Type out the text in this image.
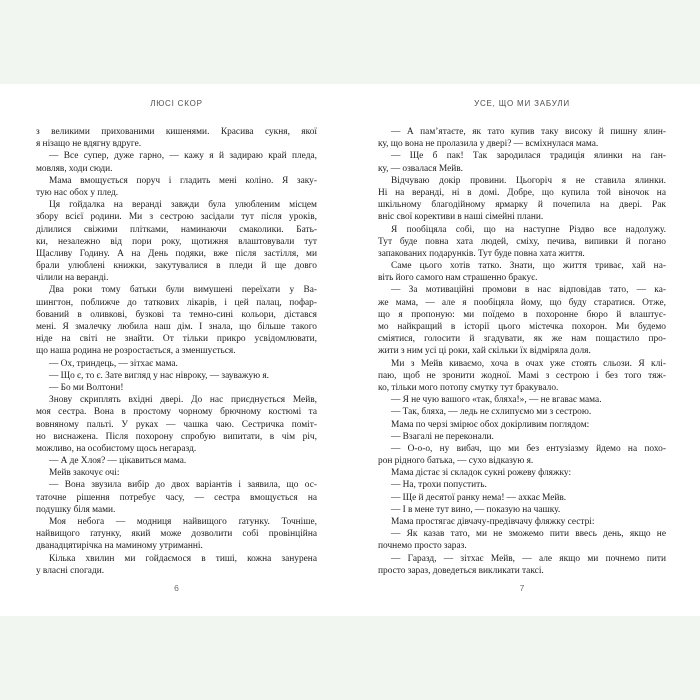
ЛЮСІ СКОР	УСЕ, ЩО МИ ЗАБУЛИ
з великими прихованими кишенями. Красива сукня, якої
я нізащо не вдягну вдруге.
— Все супер, дуже гарно, — кажу я й задираю край пледа,
мовляв, ходи сюди.
Мама вмощується поруч і гладить мені коліно. Я заку-
тую нас обох у плед.
Ця гойдалка на веранді завжди була улюбленим місцем
збору всієї родини. Ми з сестрою засідали тут після уроків,
ділилися свіжими плітками, наминаючи смаколики. Бать-
ки, незалежно від пори року, щотижня влаштовували тут
Щасливу Годину. А на День подяки, вже після застілля, ми
брали улюблені книжки, закутувалися в пледи й ще довго
чілили на веранді.
Два роки тому батьки були вимушені переїхати у Ва-
шингтон, поближче до таткових лікарів, і цей палац, пофар-
бований в оливкові, бузкові та темно-сині кольори, дістався
мені. Я змалечку любила наш дім. І знала, що більше такого
ніде на світі не знайти. От тільки прикро усвідомлювати,
що наша родина не розростається, а зменшується.
— Ох, триндець, — зітхає мама.
— Що є, то є. Зате вигляд у нас нівроку, — зауважую я.
— Бо ми Волтони!
Знову скриплять вхідні двері. До нас приєднується Мейв,
моя сестра. Вона в простому чорному брючному костюмі та
вовняному пальті. У руках — чашка чаю. Сестричка поміт-
но виснажена. Після похорону спробую випитати, в чім річ,
можливо, на особистому щось негаразд.
— А де Хлоя? — цікавиться мама.
Мейв закочує очі:
— Вона звузила вибір до двох варіантів і заявила, що ос-
таточне рішення потребує часу, — сестра вмощується на
подушку біля мами.
Моя небога — модниця найвищого ґатунку. Точніше,
найвищого ґатунку, який може дозволити собі провінційна
дванадцятирічка на маминому утриманні.
Кілька хвилин ми гойдаємося в тиші, кожна занурена
у власні спогади.
— А пам’ятаєте, як тато купив таку високу й пишну ялин-
ку, що вона не пролазила у двері? — всміхнулася мама.
— Ще б пак! Так зародилася традиція ялинки на ґан-
ку, — озвалася Мейв.
Відчуваю докір провини. Цьогоріч я не ставила ялинки.
Ні на веранді, ні в домі. Добре, що купила той віночок на
шкільному благодійному ярмарку й почепила на двері. Рак
вніс свої корективи в наші сімейні плани.
Я пообіцяла собі, що на наступне Різдво все надолужу.
Тут буде повна хата людей, сміху, печива, випивки й погано
запакованих подарунків. Тут буде повна хата життя.
Саме цього хотів татко. Знати, що життя триває, хай на-
віть його самого нам страшенно бракує.
— За мотиваційні промови в нас відповідав тато, — ка-
же мама, — але я пообіцяла йому, що буду старатися. Отже,
що я пропоную: ми поїдемо в похоронне бюро й влаштує-
мо найкращий в історії цього містечка похорон. Ми будемо
сміятися, голосити й згадувати, як же нам пощастило про-
жити з ним усі ці роки, хай скільки їх відміряла доля.
Ми з Мейв киваємо, хоча в очах уже стоять сльози. Я клі-
паю, щоб не зронити жодної. Мамі з сестрою і без того тяж-
ко, тільки мого потопу смутку тут бракувало.
— Я не чую вашого «так, бляха!», — не вгаває мама.
— Так, бляха, — ледь не схлипуємо ми з сестрою.
Мама по черзі змірює обох докірливим поглядом:
— Взагалі не переконали.
— О-о-о, ну вибач, що ми без ентузіазму йдемо на похо-
рон рідного батька, — сухо відказую я.
Мама дістає зі складок сукні рожеву фляжку:
— На, трохи попустить.
— Ще й десятої ранку нема! — ахкає Мейв.
— І в мене тут вино, — показую на чашку.
Мама простягає дівчачу-предівчачу фляжку сестрі:
— Як казав тато, ми не зможемо пити ввесь день, якщо не
почнемо просто зараз.
— Гаразд, — зітхає Мейв, — але якщо ми почнемо пити
просто зараз, доведеться викликати таксі.
6	7
